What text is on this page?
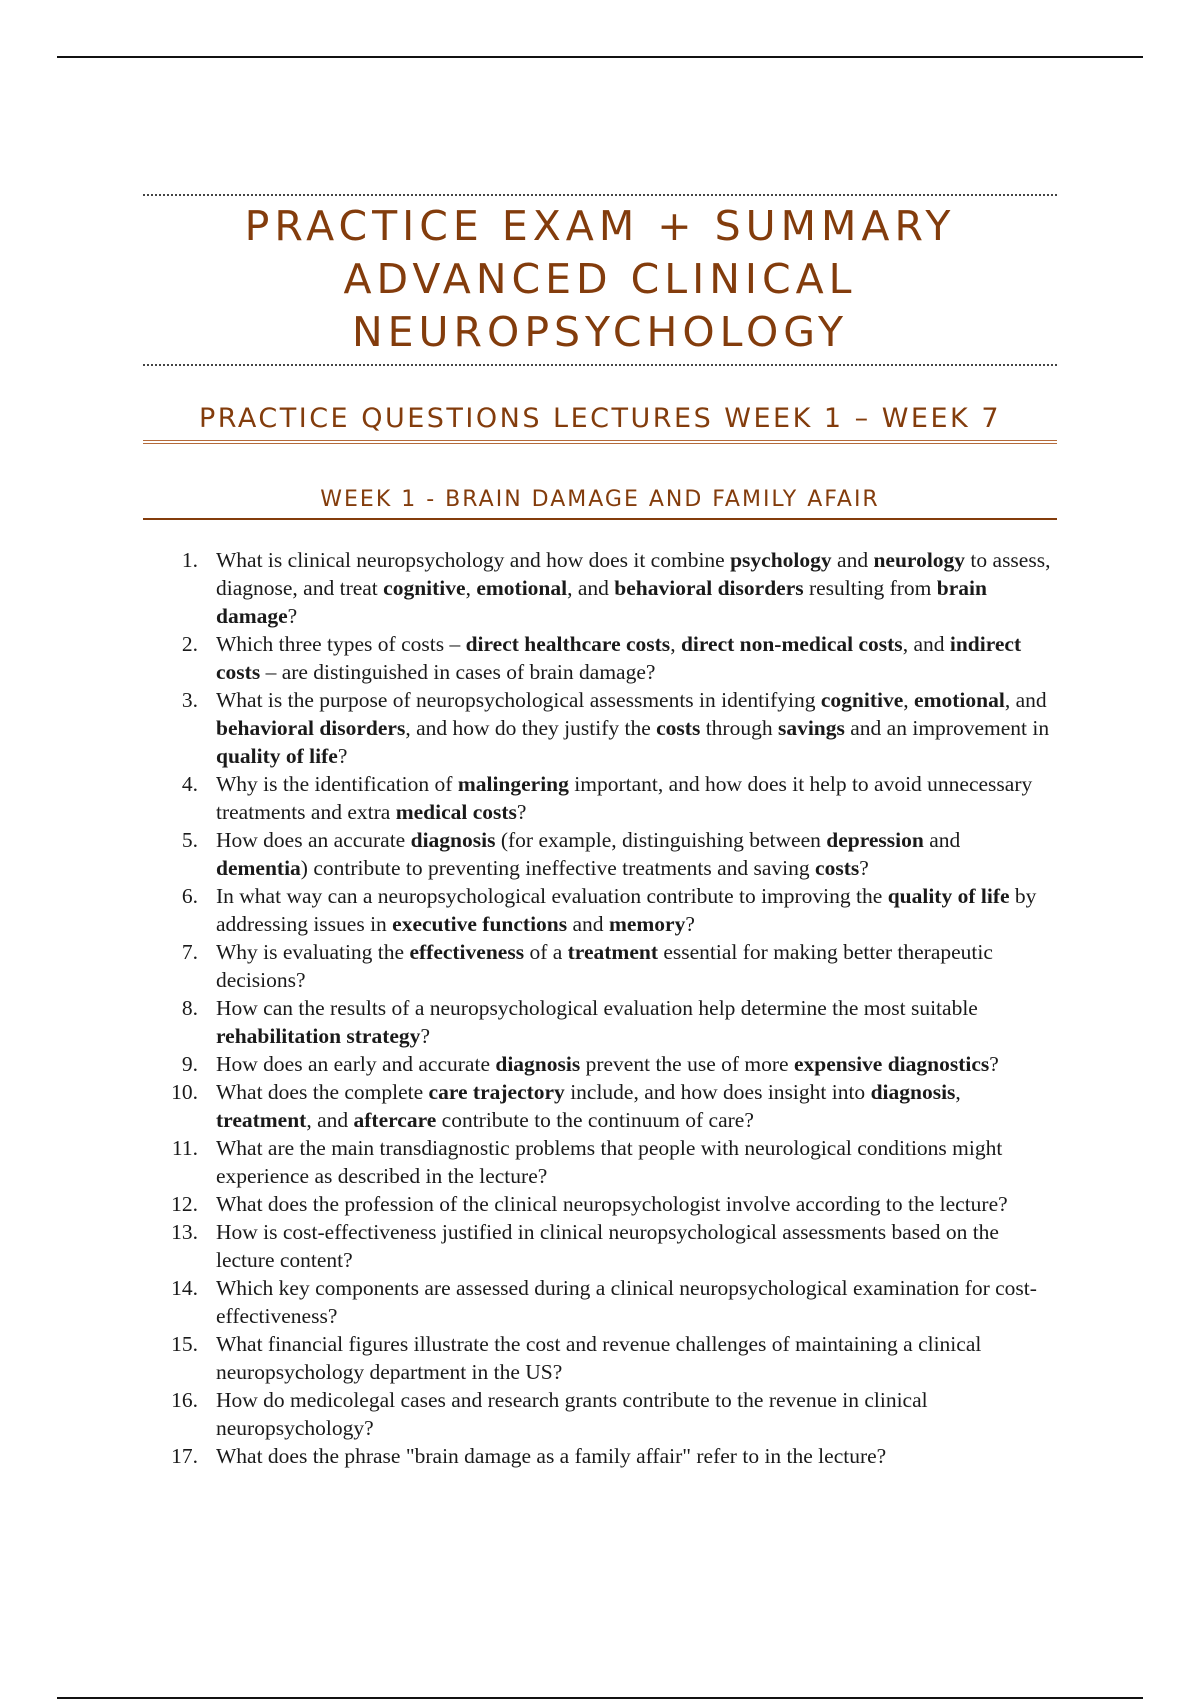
PRACTICE EXAM + SUMMARY
ADVANCED CLINICAL
NEUROPSYCHOLOGY
PRACTICE QUESTIONS LECTURES WEEK 1 – WEEK 7
WEEK 1 - BRAIN DAMAGE AND FAMILY AFAIR
1. What is clinical neuropsychology and how does it combine psychology and neurology to assess, diagnose, and treat cognitive, emotional, and behavioral disorders resulting from brain damage?
2. Which three types of costs – direct healthcare costs, direct non-medical costs, and indirect costs – are distinguished in cases of brain damage?
3. What is the purpose of neuropsychological assessments in identifying cognitive, emotional, and behavioral disorders, and how do they justify the costs through savings and an improvement in quality of life?
4. Why is the identification of malingering important, and how does it help to avoid unnecessary treatments and extra medical costs?
5. How does an accurate diagnosis (for example, distinguishing between depression and dementia) contribute to preventing ineffective treatments and saving costs?
6. In what way can a neuropsychological evaluation contribute to improving the quality of life by addressing issues in executive functions and memory?
7. Why is evaluating the effectiveness of a treatment essential for making better therapeutic decisions?
8. How can the results of a neuropsychological evaluation help determine the most suitable rehabilitation strategy?
9. How does an early and accurate diagnosis prevent the use of more expensive diagnostics?
10. What does the complete care trajectory include, and how does insight into diagnosis, treatment, and aftercare contribute to the continuum of care?
11. What are the main transdiagnostic problems that people with neurological conditions might experience as described in the lecture?
12. What does the profession of the clinical neuropsychologist involve according to the lecture?
13. How is cost-effectiveness justified in clinical neuropsychological assessments based on the lecture content?
14. Which key components are assessed during a clinical neuropsychological examination for cost-effectiveness?
15. What financial figures illustrate the cost and revenue challenges of maintaining a clinical neuropsychology department in the US?
16. How do medicolegal cases and research grants contribute to the revenue in clinical neuropsychology?
17. What does the phrase "brain damage as a family affair" refer to in the lecture?
